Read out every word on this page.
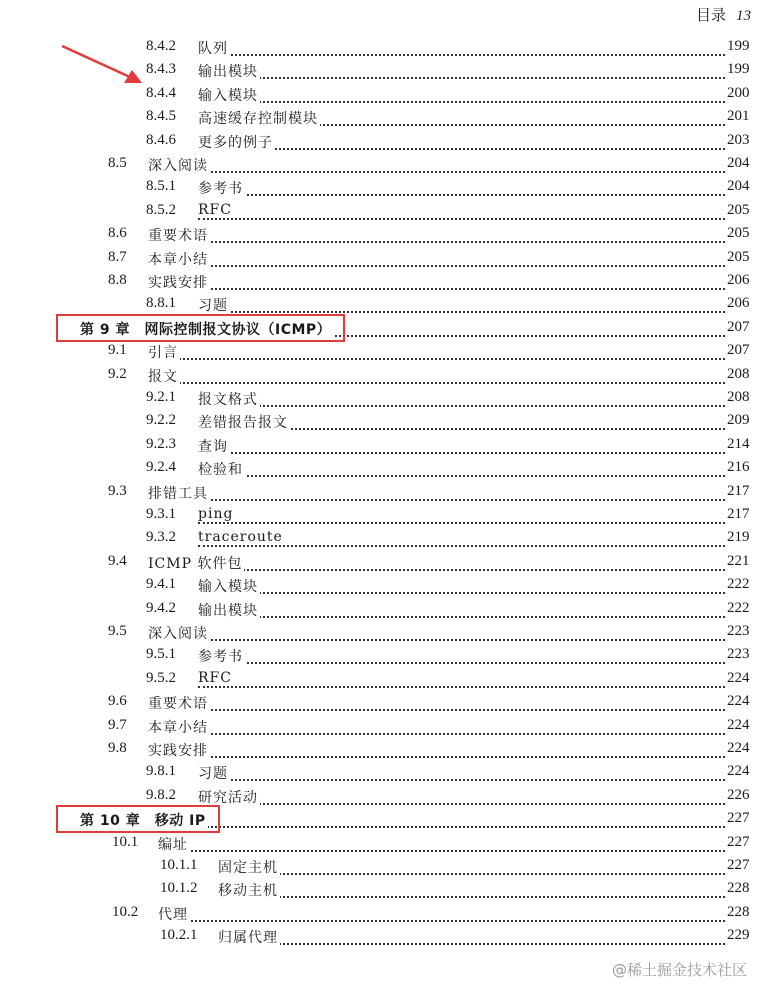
目录 13
8.4.2 队列	199
8.4.3 输出模块	199
8.4.4 输入模块	200
8.4.5 高速缓存控制模块	201
8.4.6 更多的例子	203
8.5 深入阅读	204
8.5.1 参考书	204
8.5.2 RFC	205
8.6 重要术语	205
8.7 本章小结	205
8.8 实践安排	206
8.8.1 习题	206
第 9 章　网际控制报文协议（ICMP）	207
9.1 引言	207
9.2 报文	208
9.2.1 报文格式	208
9.2.2 差错报告报文	209
9.2.3 查询	214
9.2.4 检验和	216
9.3 排错工具	217
9.3.1 ping	217
9.3.2 traceroute	219
9.4 ICMP 软件包	221
9.4.1 输入模块	222
9.4.2 输出模块	222
9.5 深入阅读	223
9.5.1 参考书	223
9.5.2 RFC	224
9.6 重要术语	224
9.7 本章小结	224
9.8 实践安排	224
9.8.1 习题	224
9.8.2 研究活动	226
第 10 章　移动 IP	227
10.1 编址	227
10.1.1 固定主机	227
10.1.2 移动主机	228
10.2 代理	228
10.2.1 归属代理	229
@稀土掘金技术社区
